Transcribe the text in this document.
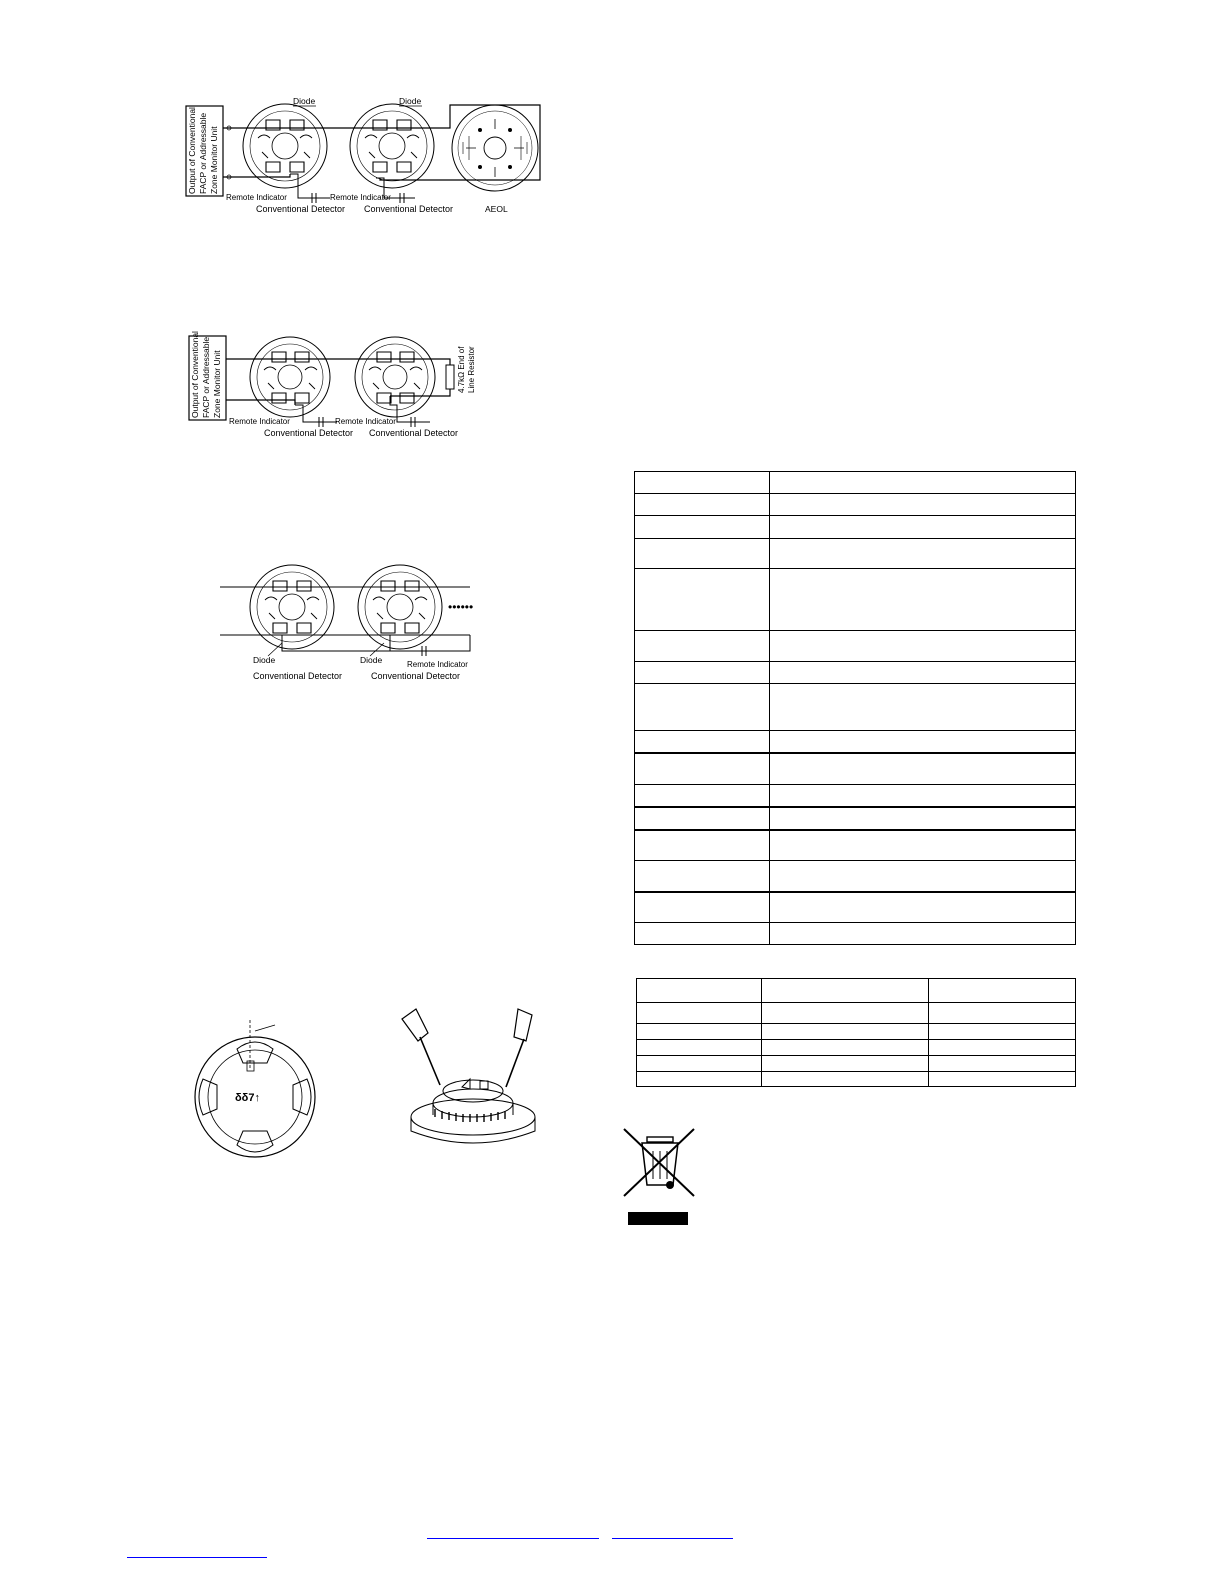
Output of Conventional FACP or Addressable Zone Monitor Unit
Diode	Diode
Remote Indicator	Remote Indicator
Conventional Detector Conventional Detector	AEOL
Output of Conventional FACP or Addressable Zone Monitor Unit	4.7kΩ End of Line Resistor
Remote Indicator	Remote Indicator
Conventional Detector Conventional Detector
••••••
Diode	Diode	Remote Indicator
Conventional Detector	Conventional Detector
δδ7↑
